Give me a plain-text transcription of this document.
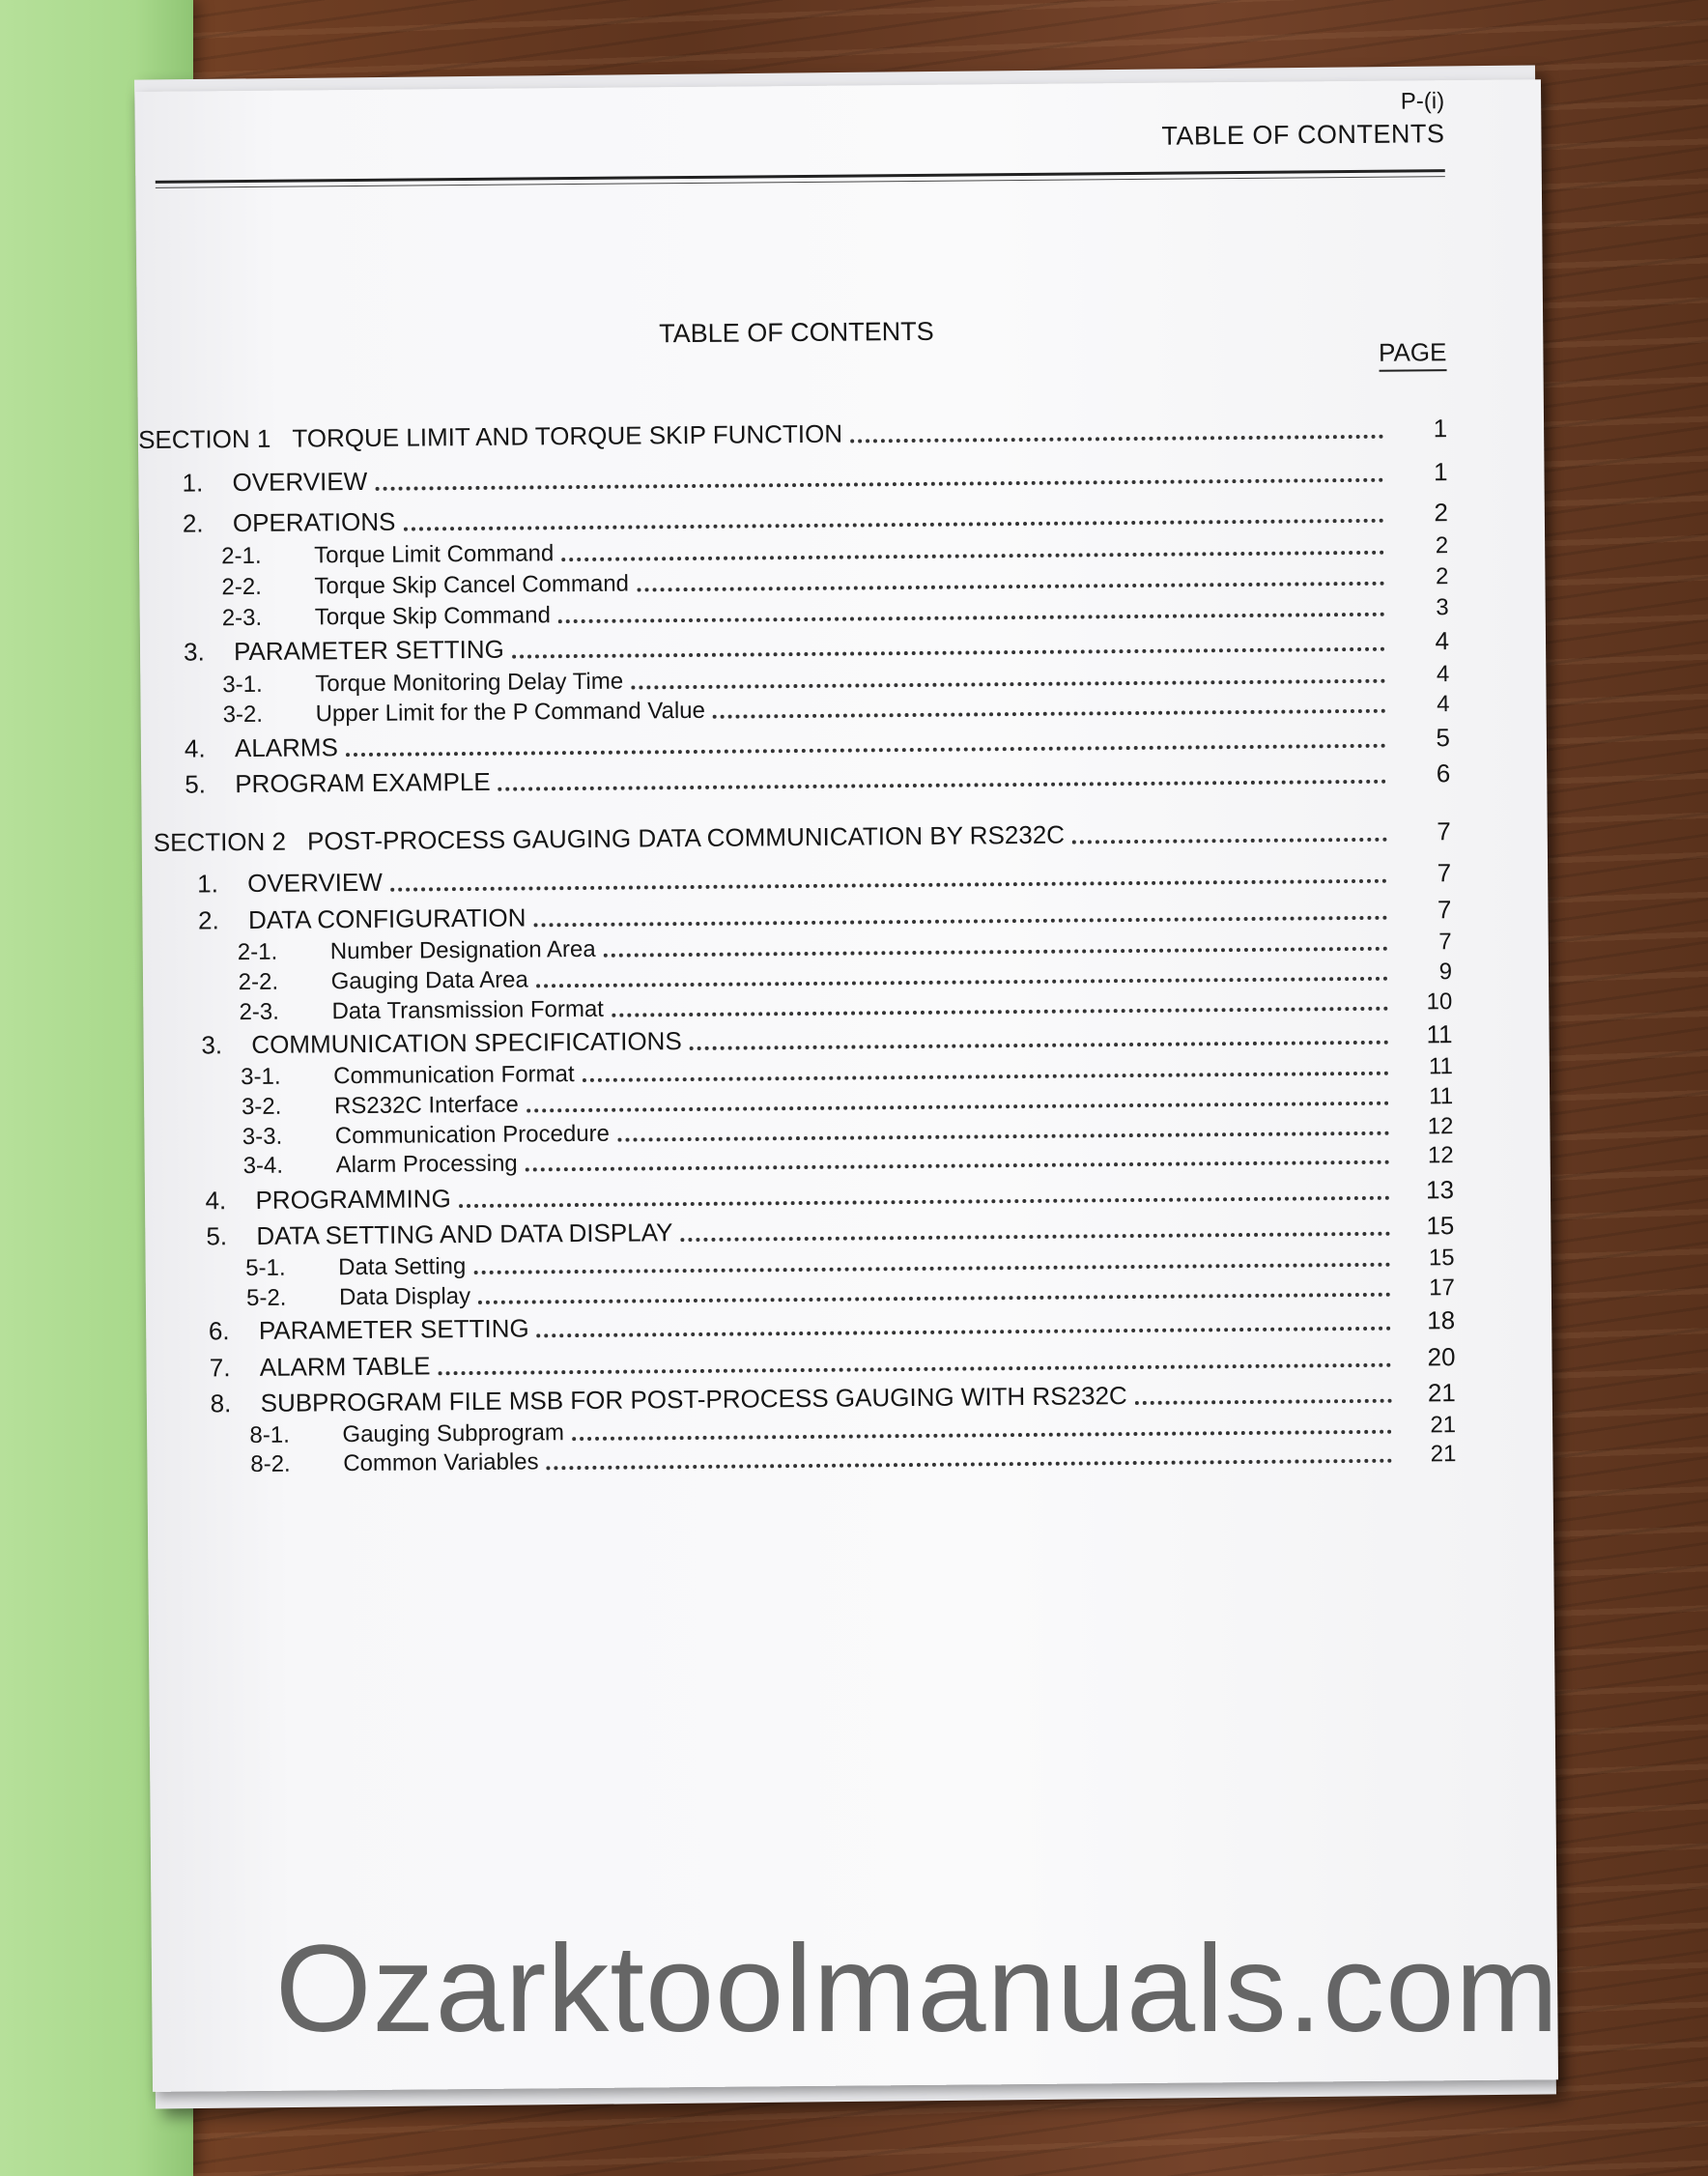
P-(i)
TABLE OF CONTENTS
TABLE OF CONTENTS
PAGE
SECTION 1 TORQUE LIMIT AND TORQUE SKIP FUNCTION	1
1.	OVERVIEW	1
2.	OPERATIONS	2
2-1.	Torque Limit Command	2
2-2.	Torque Skip Cancel Command	2
2-3.	Torque Skip Command	3
3.	PARAMETER SETTING	4
3-1.	Torque Monitoring Delay Time	4
3-2.	Upper Limit for the P Command Value	4
4.	ALARMS	5
5.	PROGRAM EXAMPLE	6
SECTION 2 POST-PROCESS GAUGING DATA COMMUNICATION BY RS232C	7
1.	OVERVIEW	7
2.	DATA CONFIGURATION	7
2-1.	Number Designation Area	7
2-2.	Gauging Data Area	9
2-3.	Data Transmission Format	10
3.	COMMUNICATION SPECIFICATIONS	11
3-1.	Communication Format	11
3-2.	RS232C Interface	11
3-3.	Communication Procedure	12
3-4.	Alarm Processing	12
4.	PROGRAMMING	13
5.	DATA SETTING AND DATA DISPLAY	15
5-1.	Data Setting	15
5-2.	Data Display	17
6.	PARAMETER SETTING	18
7.	ALARM TABLE	20
8.	SUBPROGRAM FILE MSB FOR POST-PROCESS GAUGING WITH RS232C	21
8-1.	Gauging Subprogram	21
8-2.	Common Variables	21
Ozarktoolmanuals.com
